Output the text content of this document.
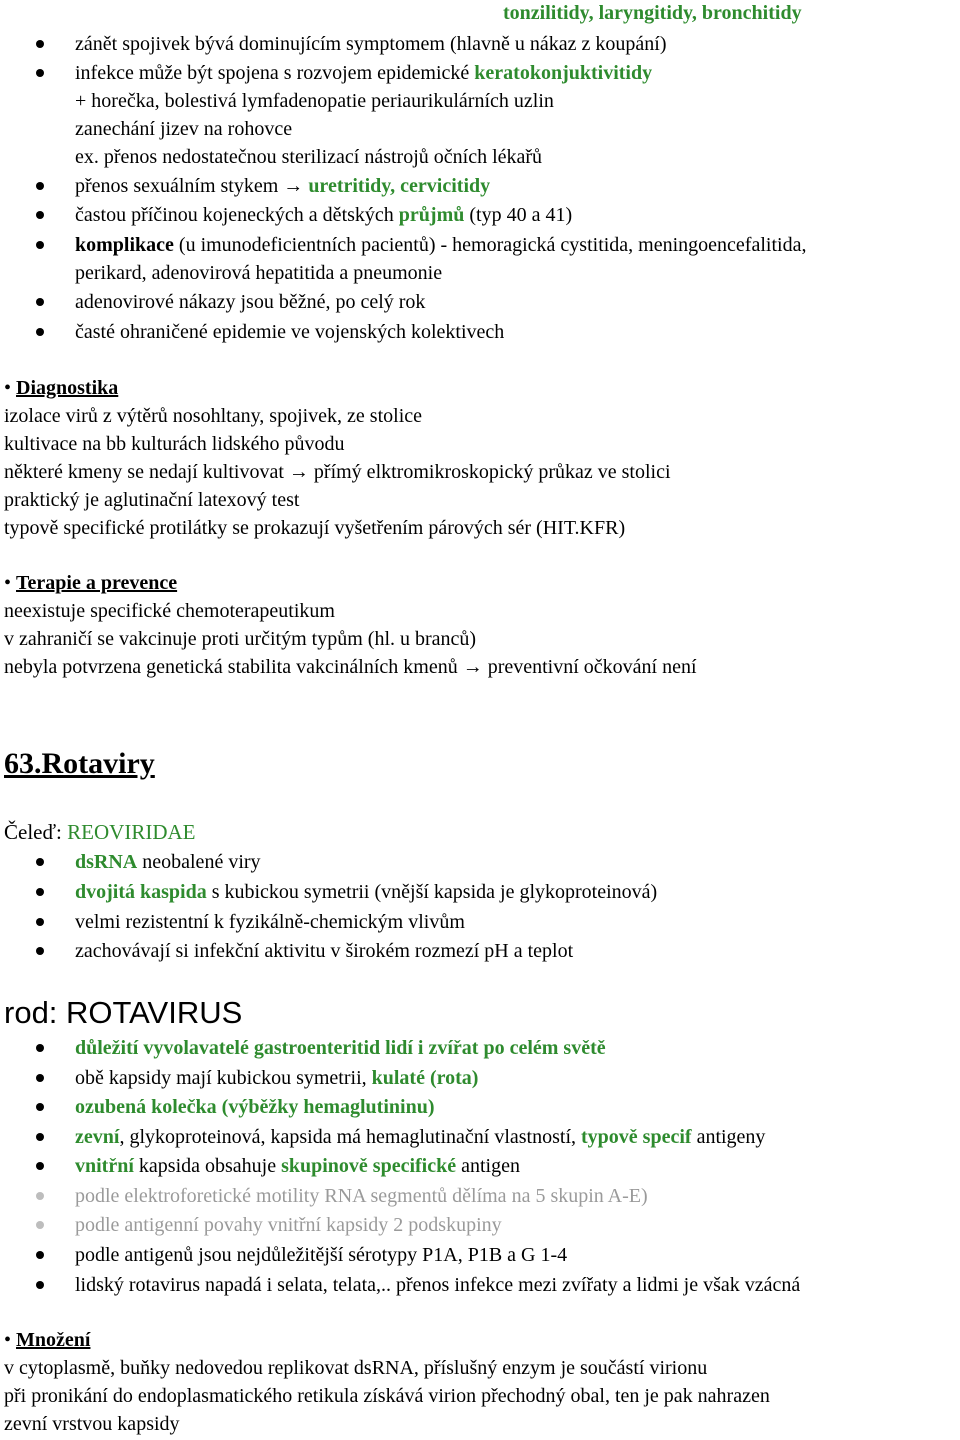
tonzilitidy, laryngitidy, bronchitidy
zánět spojivek bývá dominujícím symptomem (hlavně u nákaz z koupání)
infekce může být spojena s rozvojem epidemické keratokonjuktivitidy
+ horečka, bolestivá lymfadenopatie periaurikulárních uzlin
zanechání jizev na rohovce
ex. přenos nedostatečnou sterilizací nástrojů očních lékařů
přenos sexuálním stykem → uretritidy, cervicitidy
častou příčinou kojeneckých a dětských průjmů (typ 40 a 41)
komplikace (u imunodeficientních pacientů) - hemoragická cystitida, meningoencefalitida,
perikard, adenovirová hepatitida a pneumonie
adenovirové nákazy jsou běžné, po celý rok
časté ohraničené epidemie ve vojenských kolektivech
• Diagnostika
izolace virů z výtěrů nosohltany, spojivek, ze stolice
kultivace na bb kulturách lidského původu
některé kmeny se nedají kultivovat → přímý elktromikroskopický průkaz ve stolici
praktický je aglutinační latexový test
typově specifické protilátky se prokazují vyšetřením párových sér (HIT.KFR)
• Terapie a prevence
neexistuje specifické chemoterapeutikum
v zahraničí se vakcinuje proti určitým typům (hl. u branců)
nebyla potvrzena genetická stabilita vakcinálních kmenů → preventivní očkování není
63.Rotaviry
Čeleď: REOVIRIDAE
dsRNA neobalené viry
dvojitá kaspida s kubickou symetrii (vnější kapsida je glykoproteinová)
velmi rezistentní k fyzikálně-chemickým vlivům
zachovávají si infekční aktivitu v širokém rozmezí pH a teplot
rod: ROTAVIRUS
důležití vyvolavatelé gastroenteritid lidí i zvířat po celém světě
obě kapsidy mají kubickou symetrii, kulaté (rota)
ozubená kolečka (výběžky hemaglutininu)
zevní, glykoproteinová, kapsida má hemaglutinační vlastností, typově specif antigeny
vnitřní kapsida obsahuje skupinově specifické antigen
podle elektroforetické motility RNA segmentů dělíma na 5 skupin A-E)
podle antigenní povahy vnitřní kapsidy 2 podskupiny
podle antigenů jsou nejdůležitější sérotypy P1A, P1B a G 1-4
lidský rotavirus napadá i selata, telata,.. přenos infekce mezi zvířaty a lidmi je však vzácná
• Množení
v cytoplasmě, buňky nedovedou replikovat dsRNA, příslušný enzym je součástí virionu
při pronikání do endoplasmatického retikula získává virion přechodný obal, ten je pak nahrazen
zevní vrstvou kapsidy
